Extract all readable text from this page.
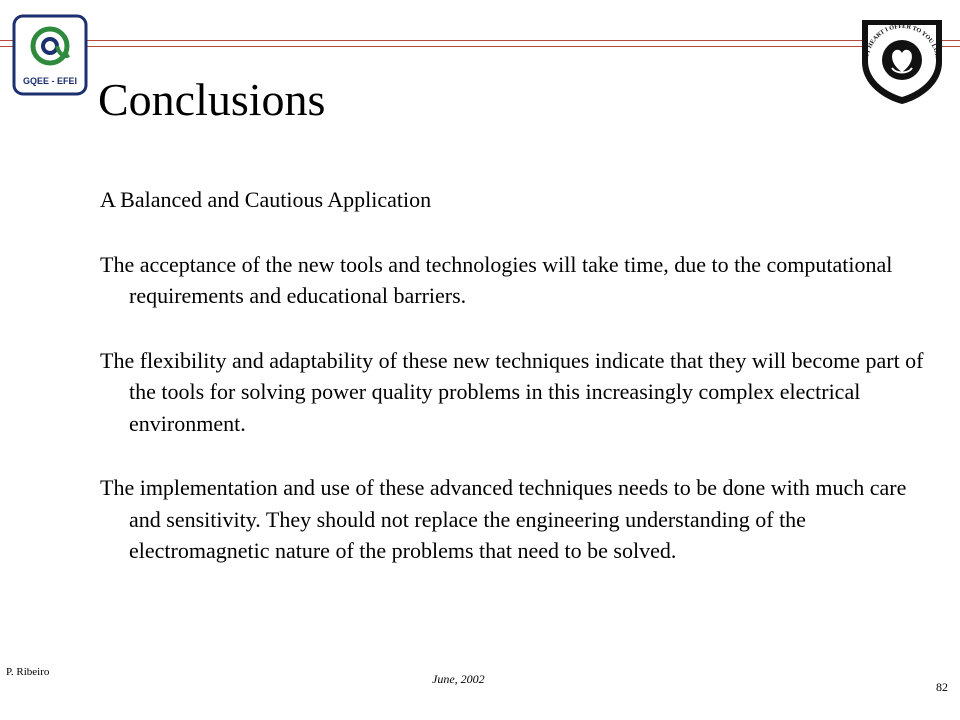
GQEE - EFEI
MY HEART I OFFER TO YOU LORD
Conclusions

A Balanced and Cautious Application

The acceptance of the new tools and technologies will take time, due to the computational requirements and educational barriers.

The flexibility and adaptability of these new techniques indicate that they will become part of the tools for solving power quality problems in this increasingly complex electrical environment.

The implementation and use of these advanced techniques needs to be done with much care and sensitivity. They should not replace the engineering understanding of the electromagnetic nature of the problems that need to be solved.

P. Ribeiro	June, 2002
82
